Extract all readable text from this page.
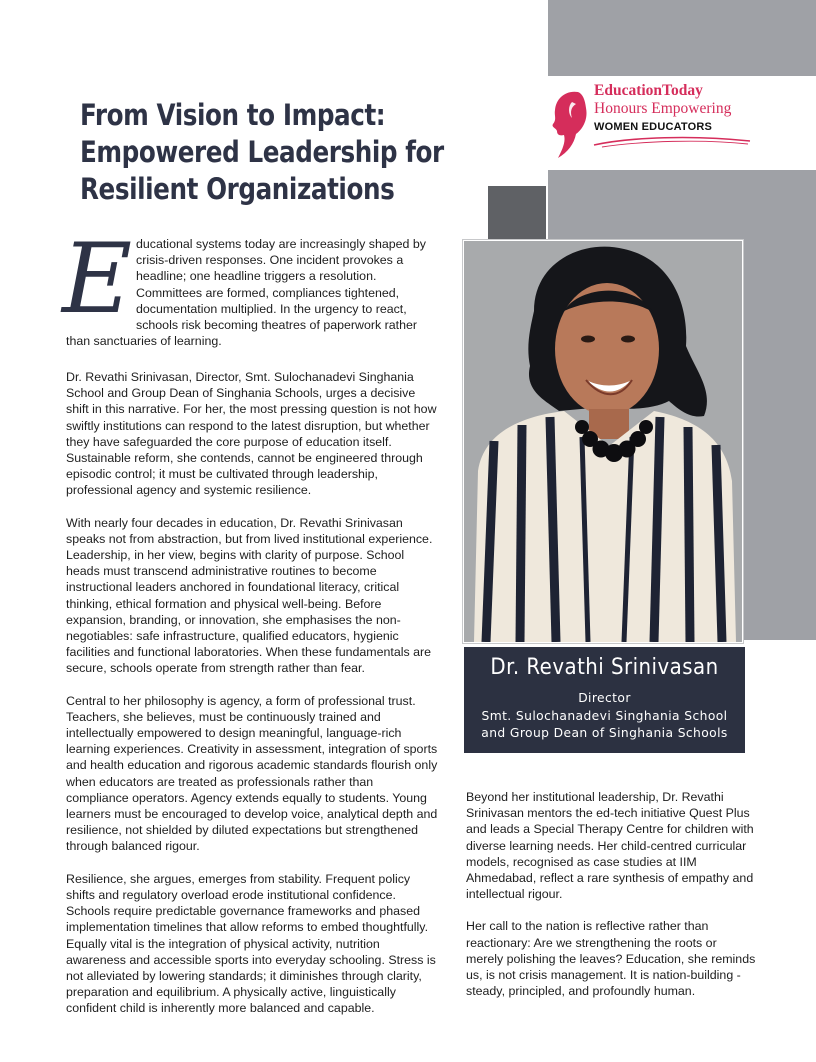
From Vision to Impact: Empowered Leadership for Resilient Organizations
EducationToday
Honours Empowering
WOMEN EDUCATORS
E ducational systems today are increasingly shaped by crisis-driven responses. One incident provokes a headline; one headline triggers a resolution. Committees are formed, compliances tightened, documentation multiplied. In the urgency to react, schools risk becoming theatres of paperwork rather than sanctuaries of learning.

Dr. Revathi Srinivasan, Director, Smt. Sulochanadevi Singhania School and Group Dean of Singhania Schools, urges a decisive shift in this narrative. For her, the most pressing question is not how swiftly institutions can respond to the latest disruption, but whether they have safeguarded the core purpose of education itself. Sustainable reform, she contends, cannot be engineered through episodic control; it must be cultivated through leadership, professional agency and systemic resilience.

With nearly four decades in education, Dr. Revathi Srinivasan speaks not from abstraction, but from lived institutional experience. Leadership, in her view, begins with clarity of purpose. School heads must transcend administrative routines to become instructional leaders anchored in foundational literacy, critical thinking, ethical formation and physical well-being. Before expansion, branding, or innovation, she emphasises the non-negotiables: safe infrastructure, qualified educators, hygienic facilities and functional laboratories. When these fundamentals are secure, schools operate from strength rather than fear.

Central to her philosophy is agency, a form of professional trust. Teachers, she believes, must be continuously trained and intellectually empowered to design meaningful, language-rich learning experiences. Creativity in assessment, integration of sports and health education and rigorous academic standards flourish only when educators are treated as professionals rather than compliance operators. Agency extends equally to students. Young learners must be encouraged to develop voice, analytical depth and resilience, not shielded by diluted expectations but strengthened through balanced rigour.

Resilience, she argues, emerges from stability. Frequent policy shifts and regulatory overload erode institutional confidence. Schools require predictable governance frameworks and phased implementation timelines that allow reforms to embed thoughtfully. Equally vital is the integration of physical activity, nutrition awareness and accessible sports into everyday schooling. Stress is not alleviated by lowering standards; it diminishes through clarity, preparation and equilibrium. A physically active, linguistically confident child is inherently more balanced and capable.

Dr. Revathi Srinivasan
Director
Smt. Sulochanadevi Singhania School
and Group Dean of Singhania Schools

Beyond her institutional leadership, Dr. Revathi Srinivasan mentors the ed-tech initiative Quest Plus and leads a Special Therapy Centre for children with diverse learning needs. Her child-centred curricular models, recognised as case studies at IIM Ahmedabad, reflect a rare synthesis of empathy and intellectual rigour.

Her call to the nation is reflective rather than reactionary: Are we strengthening the roots or merely polishing the leaves? Education, she reminds us, is not crisis management. It is nation-building - steady, principled, and profoundly human.
